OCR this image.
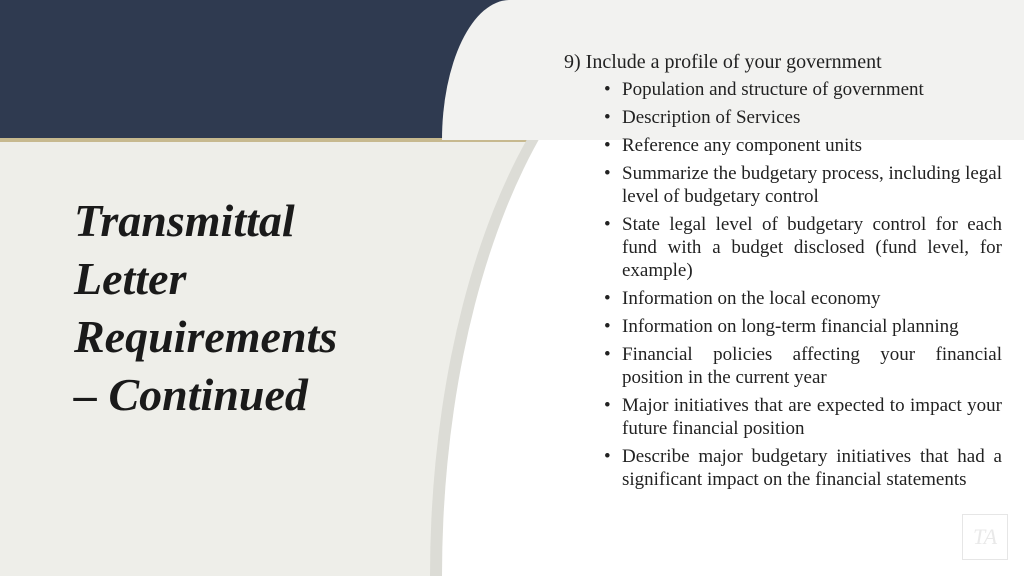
Transmittal
Letter
Requirements
– Continued

9) Include a profile of your government

• Population and structure of government
• Description of Services
• Reference any component units
• Summarize the budgetary process, including legal level of budgetary control
• State legal level of budgetary control for each fund with a budget disclosed (fund level, for example)
• Information on the local economy
• Information on long-term financial planning
• Financial policies affecting your financial position in the current year
• Major initiatives that are expected to impact your future financial position
• Describe major budgetary initiatives that had a significant impact on the financial statements
TA
